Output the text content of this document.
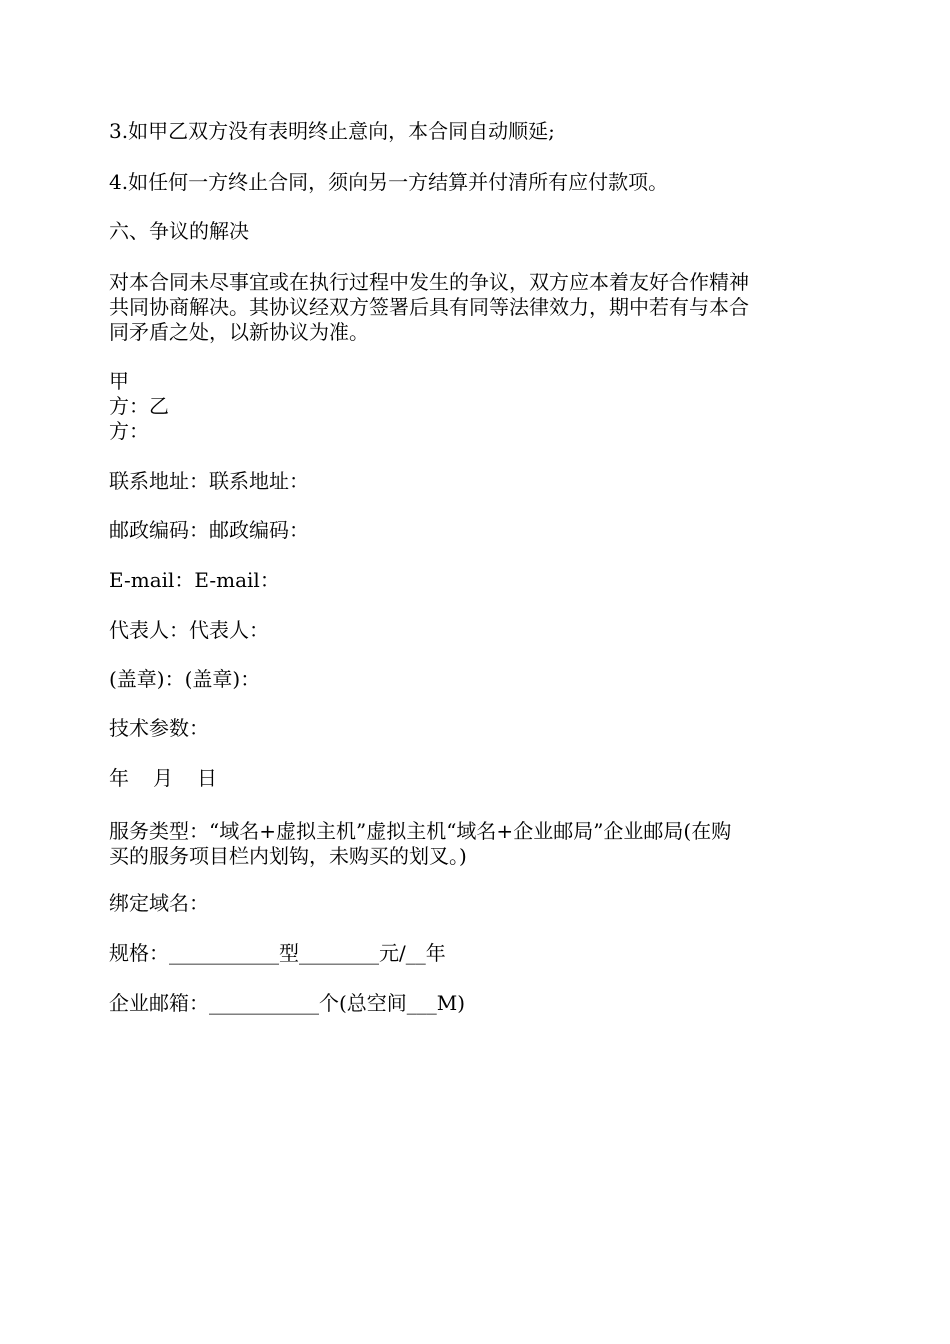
3.如甲乙双方没有表明终止意向，本合同自动顺延;
4.如任何一方终止合同，须向另一方结算并付清所有应付款项。
六、争议的解决
对本合同未尽事宜或在执行过程中发生的争议，双方应本着友好合作精神
共同协商解决。其协议经双方签署后具有同等法律效力，期中若有与本合
同矛盾之处，以新协议为准。
甲
方：乙
方：
联系地址：联系地址：
邮政编码：邮政编码：
E-mail：E-mail：
代表人：代表人：
(盖章)：(盖章)：
技术参数：
年 月 日
服务类型：“域名+虚拟主机”虚拟主机“域名+企业邮局”企业邮局(在购
买的服务项目栏内划钩，未购买的划叉。)
绑定域名：
规格：___________型________元/__年
企业邮箱：___________个(总空间___M)
